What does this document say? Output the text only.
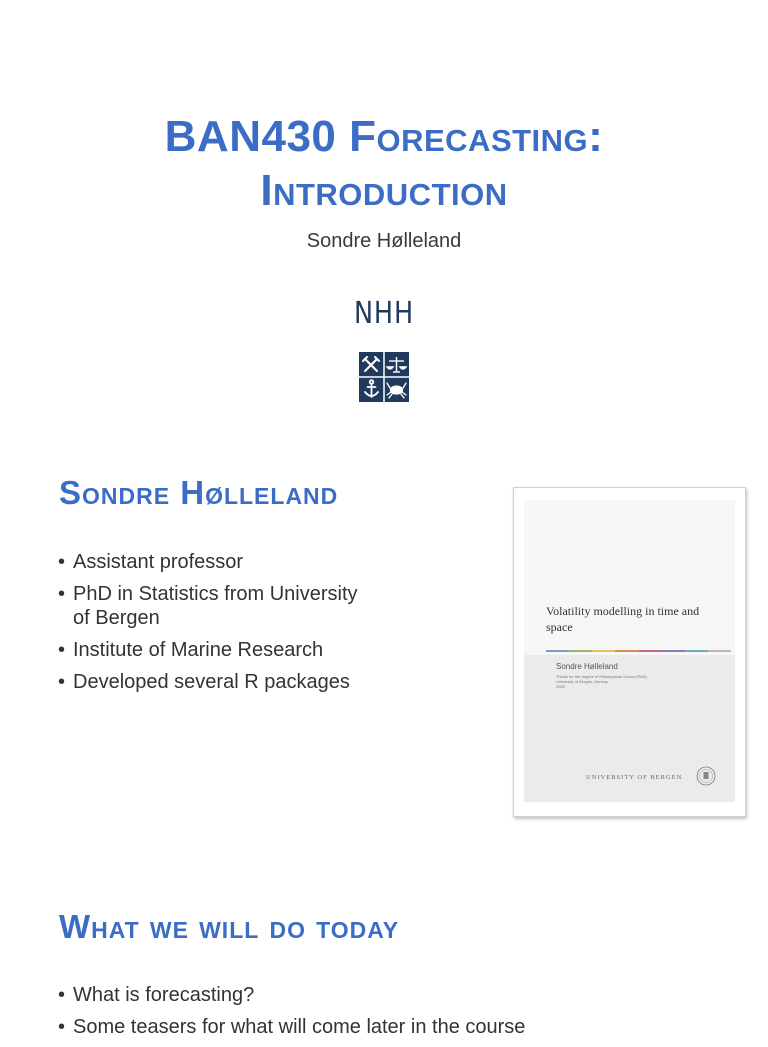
BAN430 Forecasting:
Introduction
Sondre Hølleland
NHH
Sondre Hølleland
• Assistant professor
• PhD in Statistics from University of Bergen
• Institute of Marine Research
• Developed several R packages
Volatility modelling in time and space
Sondre Hølleland
Thesis for the degree of Philosophiae Doctor (PhD)
University of Bergen, Norway
2020
UNIVERSITY OF BERGEN
What we will do today
• What is forecasting?
• Some teasers for what will come later in the course
